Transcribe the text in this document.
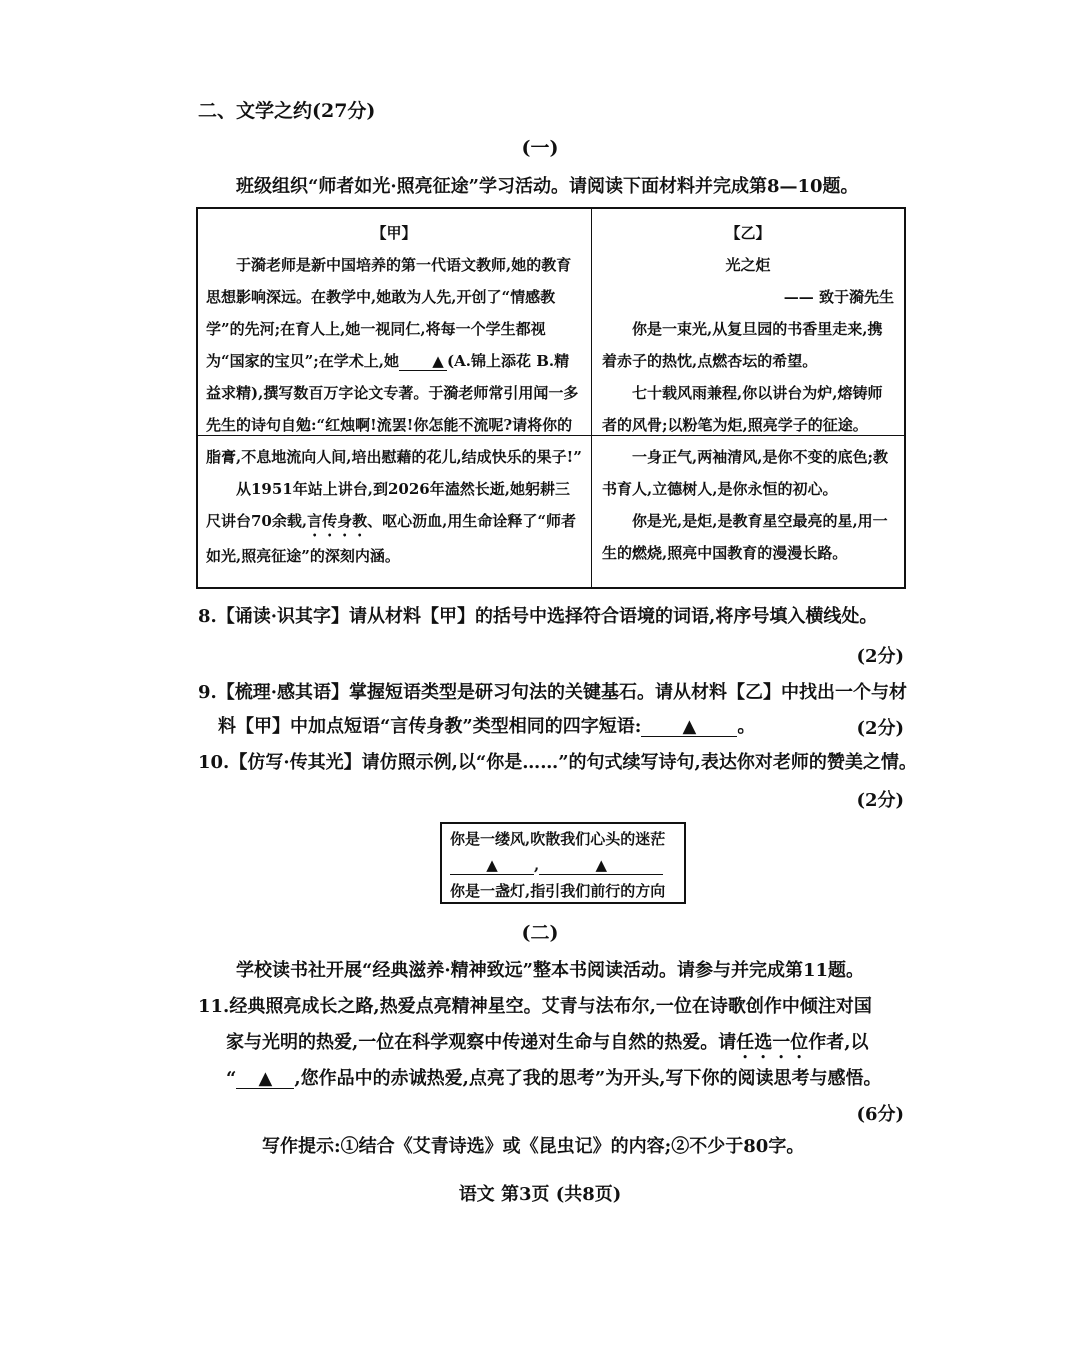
二、文学之约(27分)
(一)
班级组织“师者如光·照亮征途”学习活动。请阅读下面材料并完成第8—10题。
【甲】
于漪老师是新中国培养的第一代语文教师,她的教育思想影响深远。在教学中,她敢为人先,开创了“情感教学”的先河;在育人上,她一视同仁,将每一个学生都视为“国家的宝贝”;在学术上,她 ▲ (A.锦上添花 B.精益求精),撰写数百万字论文专著。于漪老师常引用闻一多先生的诗句自勉:“红烛啊!流罢!你怎能不流呢?请将你的脂膏,不息地流向人间,培出慰藉的花儿,结成快乐的果子!”
从1951年站上讲台,到2026年溘然长逝,她躬耕三尺讲台70余载,言传身教、呕心沥血,用生命诠释了“师者如光,照亮征途”的深刻内涵。
【乙】
光之炬
—— 致于漪先生
你是一束光,从复旦园的书香里走来,携着赤子的热忱,点燃杏坛的希望。
七十载风雨兼程,你以讲台为炉,熔铸师者的风骨;以粉笔为炬,照亮学子的征途。
一身正气,两袖清风,是你不变的底色;教书育人,立德树人,是你永恒的初心。
你是光,是炬,是教育星空最亮的星,用一生的燃烧,照亮中国教育的漫漫长路。
8.【诵读·识其字】请从材料【甲】的括号中选择符合语境的词语,将序号填入横线处。
(2分)
9.【梳理·感其语】掌握短语类型是研习句法的关键基石。请从材料【乙】中找出一个与材
料【甲】中加点短语“言传身教”类型相同的四字短语: ▲ 。	(2分)
10.【仿写·传其光】请仿照示例,以“你是……”的句式续写诗句,表达你对老师的赞美之情。
(2分)
你是一缕风,吹散我们心头的迷茫
▲ ,	▲
你是一盏灯,指引我们前行的方向
(二)
学校读书社开展“经典滋养·精神致远”整本书阅读活动。请参与并完成第11题。
11.经典照亮成长之路,热爱点亮精神星空。艾青与法布尔,一位在诗歌创作中倾注对国
家与光明的热爱,一位在科学观察中传递对生命与自然的热爱。请任选一位作者,以
“ ▲ ,您作品中的赤诚热爱,点亮了我的思考”为开头,写下你的阅读思考与感悟。
(6分)
写作提示:①结合《艾青诗选》或《昆虫记》的内容;②不少于80字。
语文 第3页 (共8页)
